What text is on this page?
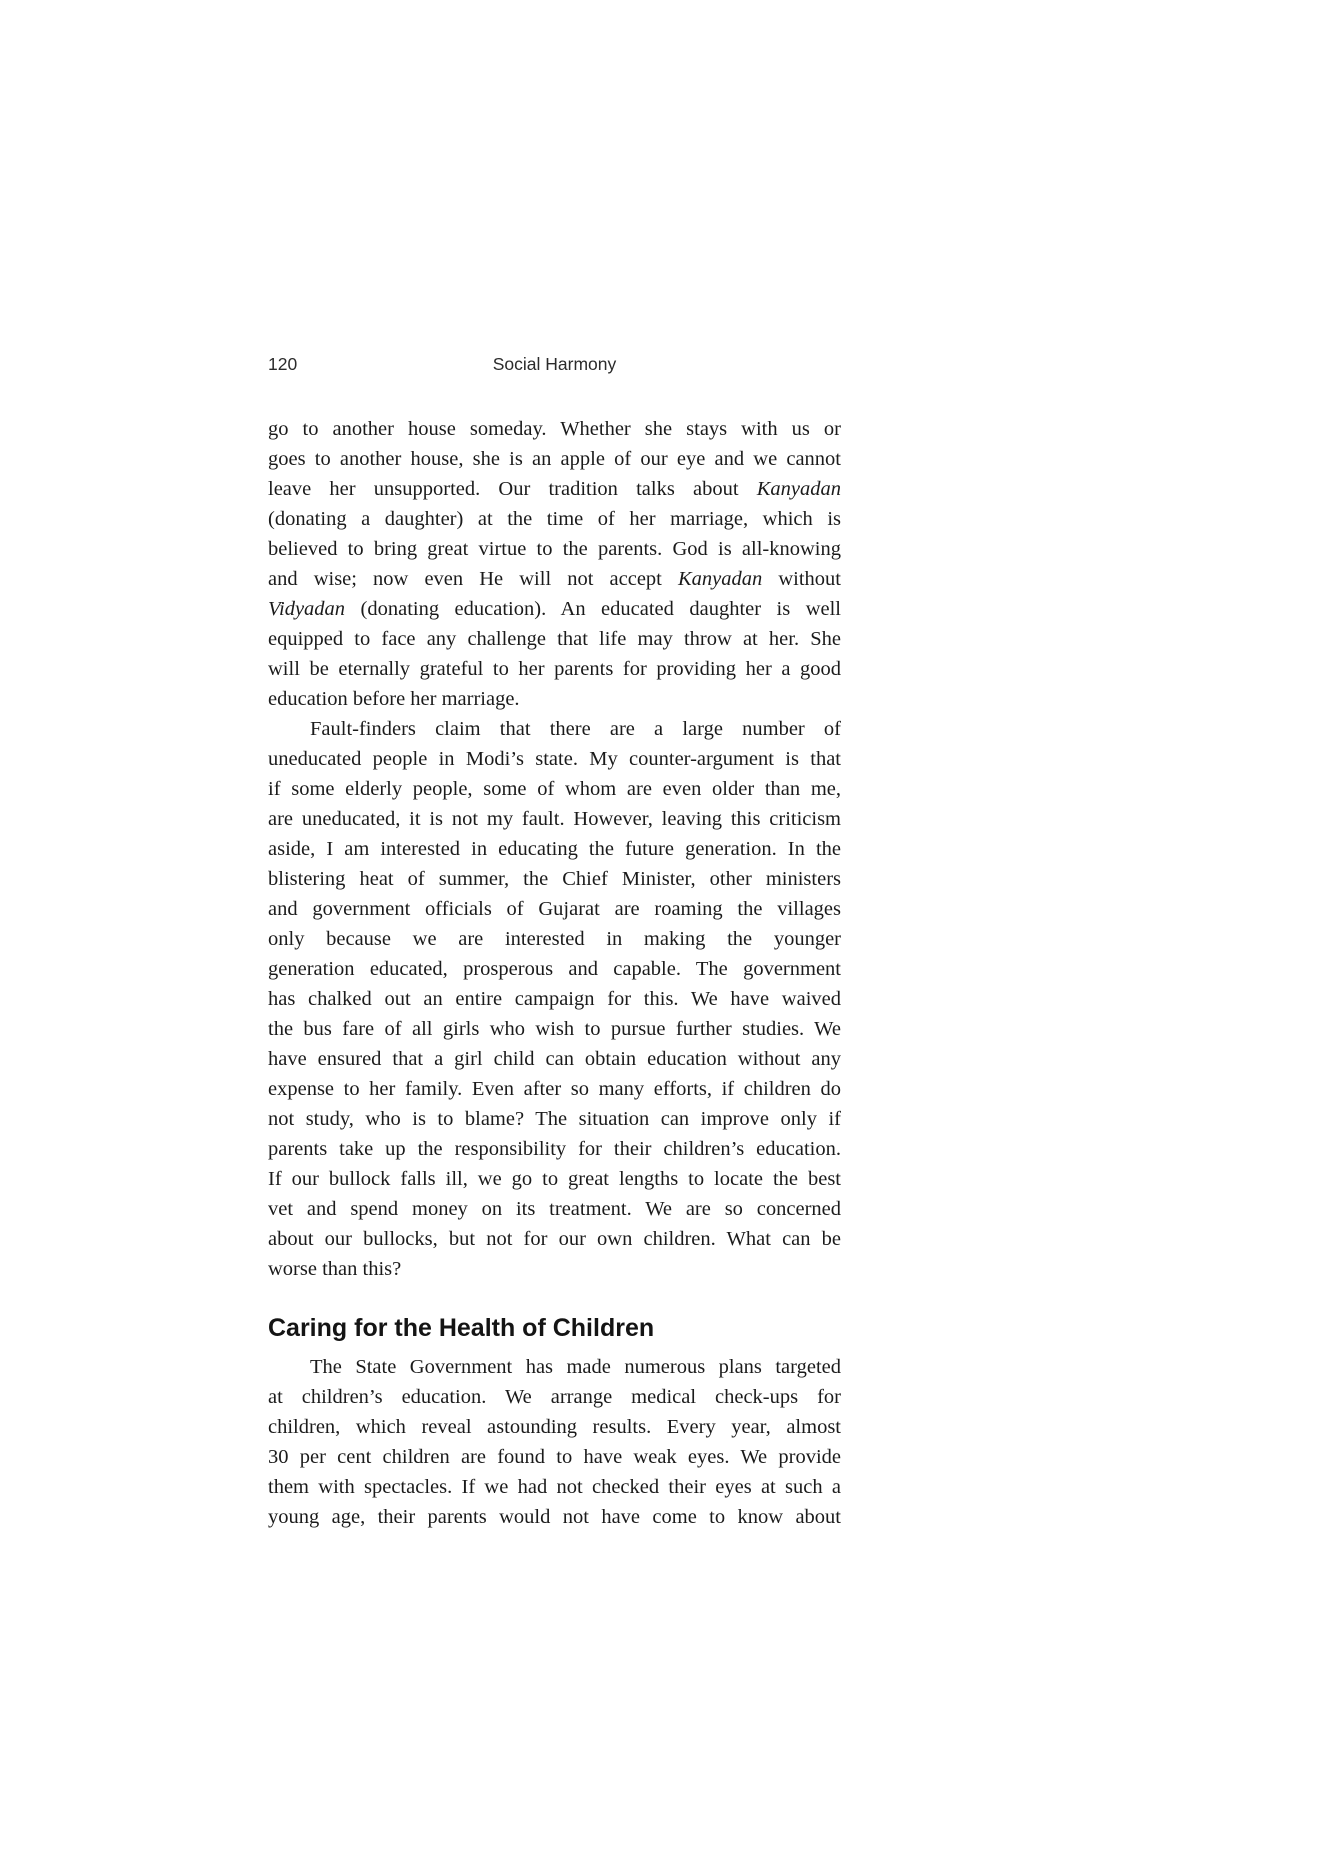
120	Social Harmony
go to another house someday. Whether she stays with us or
goes to another house, she is an apple of our eye and we cannot
leave her unsupported. Our tradition talks about Kanyadan
(donating a daughter) at the time of her marriage, which is
believed to bring great virtue to the parents. God is all-knowing
and wise; now even He will not accept Kanyadan without
Vidyadan (donating education). An educated daughter is well
equipped to face any challenge that life may throw at her. She
will be eternally grateful to her parents for providing her a good
education before her marriage.
Fault-finders claim that there are a large number of
uneducated people in Modi’s state. My counter-argument is that
if some elderly people, some of whom are even older than me,
are uneducated, it is not my fault. However, leaving this criticism
aside, I am interested in educating the future generation. In the
blistering heat of summer, the Chief Minister, other ministers
and government officials of Gujarat are roaming the villages
only because we are interested in making the younger
generation educated, prosperous and capable. The government
has chalked out an entire campaign for this. We have waived
the bus fare of all girls who wish to pursue further studies. We
have ensured that a girl child can obtain education without any
expense to her family. Even after so many efforts, if children do
not study, who is to blame? The situation can improve only if
parents take up the responsibility for their children’s education.
If our bullock falls ill, we go to great lengths to locate the best
vet and spend money on its treatment. We are so concerned
about our bullocks, but not for our own children. What can be
worse than this?
Caring for the Health of Children
The State Government has made numerous plans targeted
at children’s education. We arrange medical check-ups for
children, which reveal astounding results. Every year, almost
30 per cent children are found to have weak eyes. We provide
them with spectacles. If we had not checked their eyes at such a
young age, their parents would not have come to know about
